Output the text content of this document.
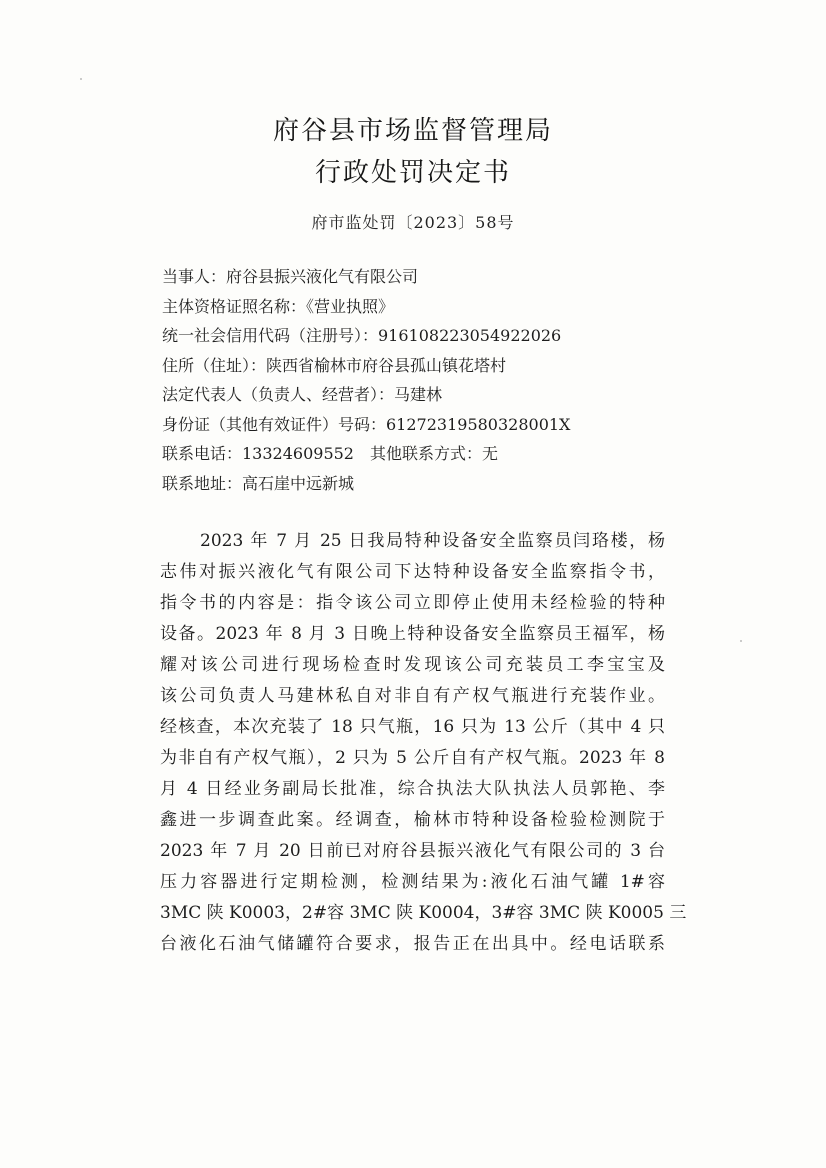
府谷县市场监督管理局
行政处罚决定书
府市监处罚〔2023〕58号
当事人：府谷县振兴液化气有限公司
主体资格证照名称：《营业执照》
统一社会信用代码（注册号）：916108223054922026
住所（住址）：陕西省榆林市府谷县孤山镇花塔村
法定代表人（负责人、经营者）：马建林
身份证（其他有效证件）号码：61272319580328001X
联系电话：13324609552　其他联系方式：无
联系地址：高石崖中远新城
2023 年 7 月 25 日我局特种设备安全监察员闫珞楼，杨
志伟对振兴液化气有限公司下达特种设备安全监察指令书，
指令书的内容是：指令该公司立即停止使用未经检验的特种
设备。2023 年 8 月 3 日晚上特种设备安全监察员王福军，杨
耀对该公司进行现场检查时发现该公司充装员工李宝宝及
该公司负责人马建林私自对非自有产权气瓶进行充装作业。
经核查，本次充装了 18 只气瓶，16 只为 13 公斤（其中 4 只
为非自有产权气瓶），2 只为 5 公斤自有产权气瓶。2023 年 8
月 4 日经业务副局长批准，综合执法大队执法人员郭艳、李
鑫进一步调查此案。经调查，榆林市特种设备检验检测院于
2023 年 7 月 20 日前已对府谷县振兴液化气有限公司的 3 台
压力容器进行定期检测，检测结果为:液化石油气罐 1#容
3MC 陕 K0003，2#容 3MC 陕 K0004，3#容 3MC 陕 K0005 三
台液化石油气储罐符合要求，报告正在出具中。经电话联系
